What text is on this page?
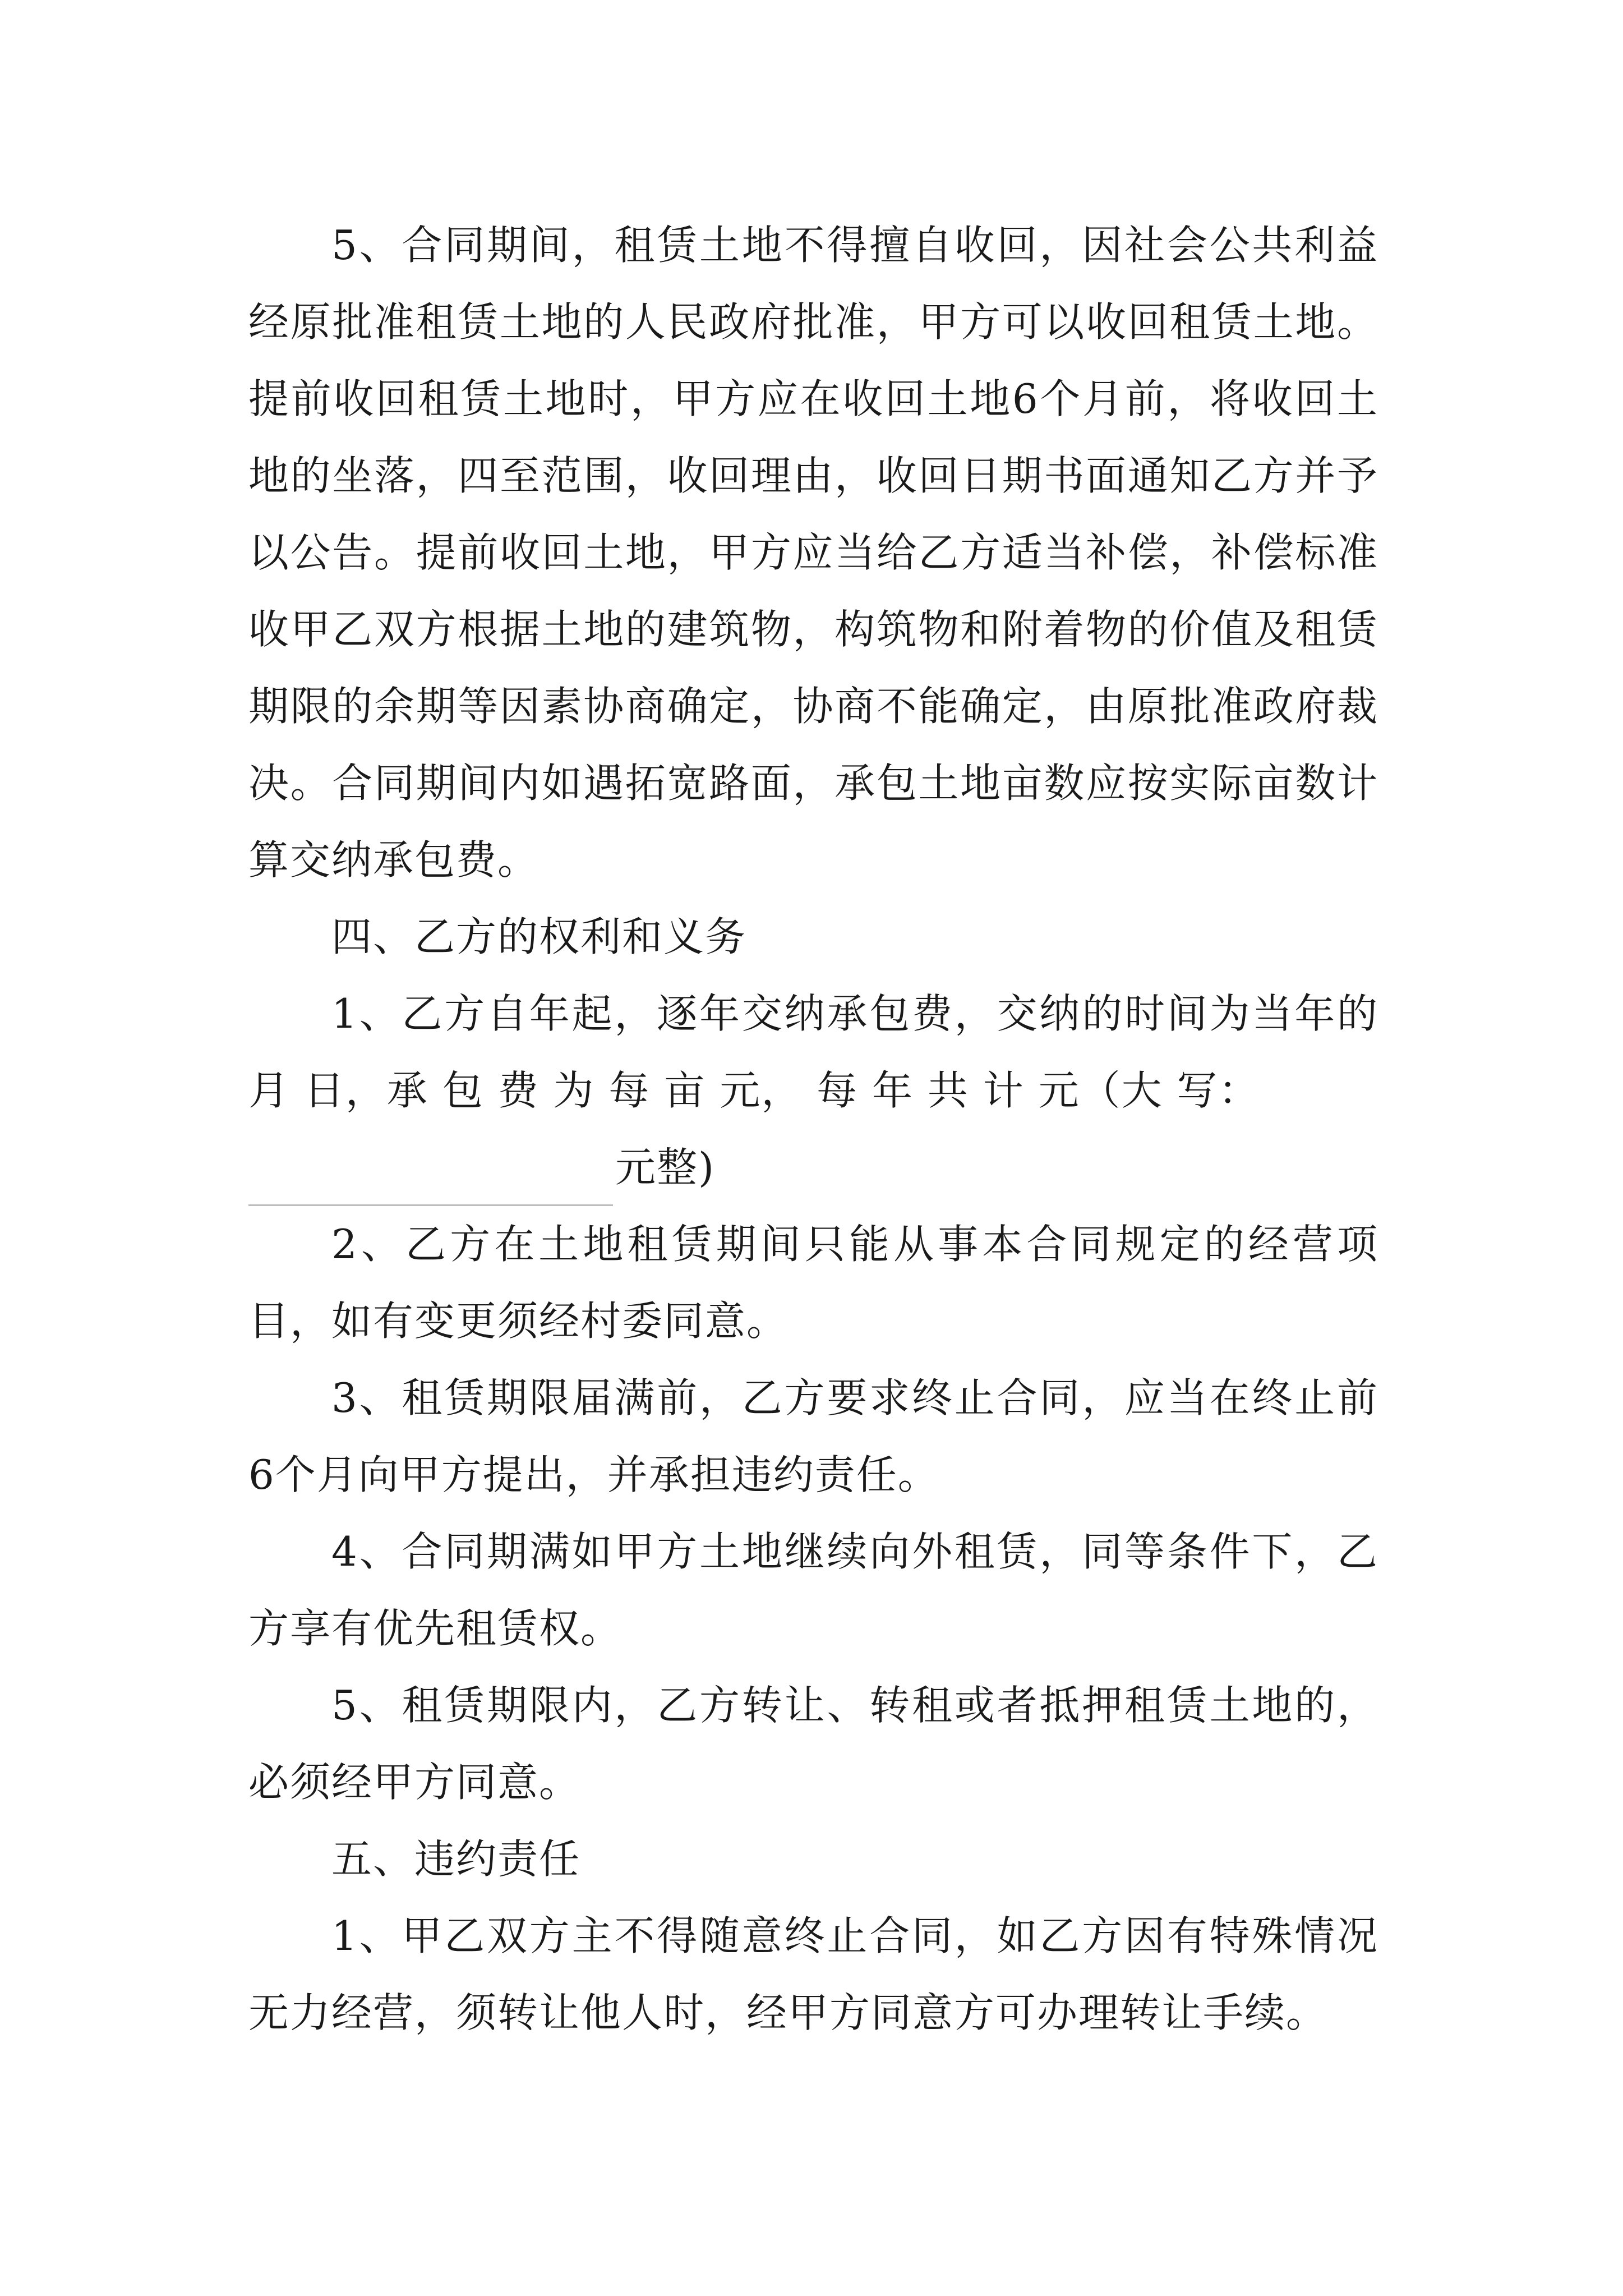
5、合同期间，租赁土地不得擅自收回，因社会公共利益经原批准租赁土地的人民政府批准，甲方可以收回租赁土地。提前收回租赁土地时，甲方应在收回土地6个月前，将收回土地的坐落，四至范围，收回理由，收回日期书面通知乙方并予以公告。提前收回土地，甲方应当给乙方适当补偿，补偿标准收甲乙双方根据土地的建筑物，构筑物和附着物的价值及租赁期限的余期等因素协商确定，协商不能确定，由原批准政府裁决。合同期间内如遇拓宽路面，承包土地亩数应按实际亩数计算交纳承包费。

四、乙方的权利和义务

1、乙方自年起，逐年交纳承包费，交纳的时间为当年的 月 日，承 包 费 为 每 亩 元， 每 年 共 计 元（大 写：
元整)

2、乙方在土地租赁期间只能从事本合同规定的经营项目，如有变更须经村委同意。

3、租赁期限届满前，乙方要求终止合同，应当在终止前6个月向甲方提出，并承担违约责任。

4、合同期满如甲方土地继续向外租赁，同等条件下，乙方享有优先租赁权。

5、租赁期限内，乙方转让、转租或者抵押租赁土地的，必须经甲方同意。

五、违约责任

1、甲乙双方主不得随意终止合同，如乙方因有特殊情况无力经营，须转让他人时，经甲方同意方可办理转让手续。
